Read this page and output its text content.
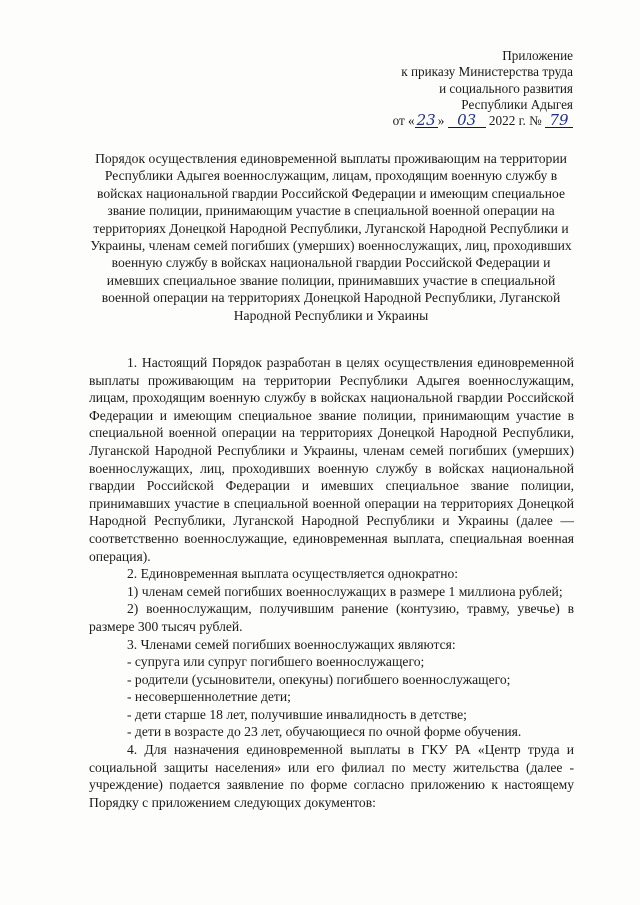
Приложение
к приказу Министерства труда
и социального развития
Республики Адыгея
от « 23 » 03 2022 г. № 79
Порядок осуществления единовременной выплаты проживающим на территории Республики Адыгея военнослужащим, лицам, проходящим военную службу в войсках национальной гвардии Российской Федерации и имеющим специальное звание полиции, принимающим участие в специальной военной операции на территориях Донецкой Народной Республики, Луганской Народной Республики и Украины, членам семей погибших (умерших) военнослужащих, лиц, проходивших военную службу в войсках национальной гвардии Российской Федерации и имевших специальное звание полиции, принимавших участие в специальной военной операции на территориях Донецкой Народной Республики, Луганской Народной Республики и Украины

1. Настоящий Порядок разработан в целях осуществления единовременной выплаты проживающим на территории Республики Адыгея военнослужащим, лицам, проходящим военную службу в войсках национальной гвардии Российской Федерации и имеющим специальное звание полиции, принимающим участие в специальной военной операции на территориях Донецкой Народной Республики, Луганской Народной Республики и Украины, членам семей погибших (умерших) военнослужащих, лиц, проходивших военную службу в войсках национальной гвардии Российской Федерации и имевших специальное звание полиции, принимавших участие в специальной военной операции на территориях Донецкой Народной Республики, Луганской Народной Республики и Украины (далее — соответственно военнослужащие, единовременная выплата, специальная военная операция).

2. Единовременная выплата осуществляется однократно:

1) членам семей погибших военнослужащих в размере 1 миллиона рублей;

2) военнослужащим, получившим ранение (контузию, травму, увечье) в размере 300 тысяч рублей.

3. Членами семей погибших военнослужащих являются:

- супруга или супруг погибшего военнослужащего;

- родители (усыновители, опекуны) погибшего военнослужащего;

- несовершеннолетние дети;

- дети старше 18 лет, получившие инвалидность в детстве;

- дети в возрасте до 23 лет, обучающиеся по очной форме обучения.

4. Для назначения единовременной выплаты в ГКУ РА «Центр труда и социальной защиты населения» или его филиал по месту жительства (далее - учреждение) подается заявление по форме согласно приложению к настоящему Порядку с приложением следующих документов:
